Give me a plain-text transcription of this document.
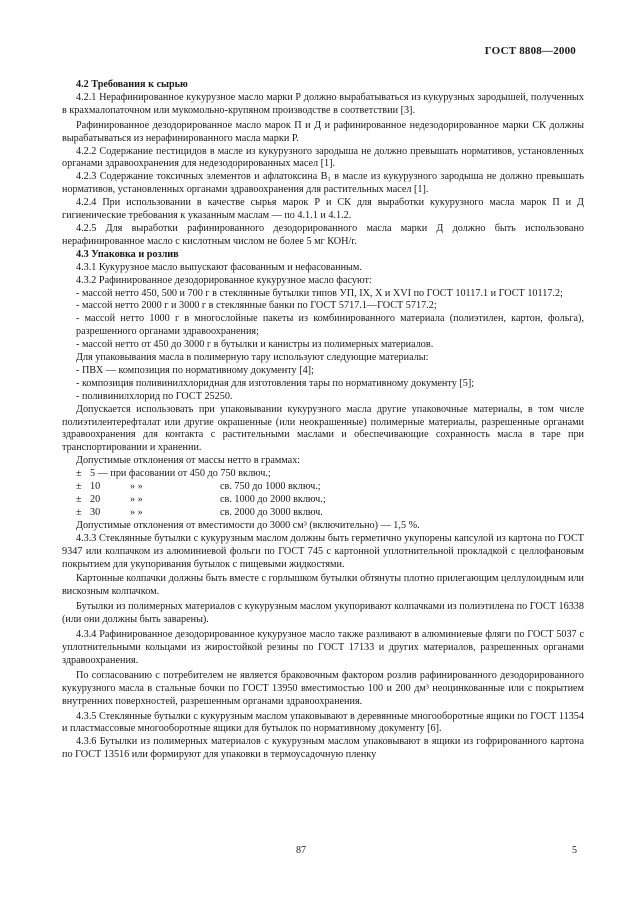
ГОСТ 8808—2000

4.2 Требования к сырью

4.2.1 Нерафинированное кукурузное масло марки Р должно вырабатываться из кукурузных зародышей, полученных в крахмалопаточном или мукомольно-крупяном производстве в соответствии [3].

Рафинированное дезодорированное масло марок П и Д и рафинированное недезодорированное марки СК должны вырабатываться из нерафинированного масла марки Р.

4.2.2 Содержание пестицидов в масле из кукурузного зародыша не должно превышать нормативов, установленных органами здравоохранения для недезодорированных масел [1].

4.2.3 Содержание токсичных элементов и афлатоксина B₁ в масле из кукурузного зародыша не должно превышать нормативов, установленных органами здравоохранения для растительных масел [1].

4.2.4 При использовании в качестве сырья марок Р и СК для выработки кукурузного масла марок П и Д гигиенические требования к указанным маслам — по 4.1.1 и 4.1.2.

4.2.5 Для выработки рафинированного дезодорированного масла марки Д должно быть использовано нерафинированное масло с кислотным числом не более 5 мг КОН/г.

4.3 Упаковка и розлив

4.3.1 Кукурузное масло выпускают фасованным и нефасованным.

4.3.2 Рафинированное дезодорированное кукурузное масло фасуют:

- массой нетто 450, 500 и 700 г в стеклянные бутылки типов УП, IX, X и XVI по ГОСТ 10117.1 и ГОСТ 10117.2;

- массой нетто 2000 г и 3000 г в стеклянные банки по ГОСТ 5717.1—ГОСТ 5717.2;

- массой нетто 1000 г в многослойные пакеты из комбинированного материала (полиэтилен, картон, фольга), разрешенного органами здравоохранения;

- массой нетто от 450 до 3000 г в бутылки и канистры из полимерных материалов.

Для упаковывания масла в полимерную тару используют следующие материалы:

- ПВХ — композиция по нормативному документу [4];

- композиция поливинилхлоридная для изготовления тары по нормативному документу [5];

- поливинилхлорид по ГОСТ 25250.

Допускается использовать при упаковывании кукурузного масла другие упаковочные материалы, в том числе полиэтилентерефталат или другие окрашенные (или неокрашенные) полимерные материалы, разрешенные органами здравоохранения для контакта с растительными маслами и обеспечивающие сохранность масла в таре при транспортировании и хранении.

Допустимые отклонения от массы нетто в граммах:

± 5 — при фасовании от 450 до 750 включ.;
± 10	» »	св. 750 до 1000 включ.;
± 20	» »	св. 1000 до 2000 включ.;
± 30	» »	св. 2000 до 3000 включ.

Допустимые отклонения от вместимости до 3000 см³ (включительно) — 1,5 %.

4.3.3 Стеклянные бутылки с кукурузным маслом должны быть герметично укупорены капсулой из картона по ГОСТ 9347 или колпачком из алюминиевой фольги по ГОСТ 745 с картонной уплотнительной прокладкой с целлофановым покрытием для укупоривания бутылок с пищевыми жидкостями.

Картонные колпачки должны быть вместе с горлышком бутылки обтянуты плотно прилегающим целлулоидным или вискозным колпачком.

Бутылки из полимерных материалов с кукурузным маслом укупоривают колпачками из полиэтилена по ГОСТ 16338 (или они должны быть заварены).

4.3.4 Рафинированное дезодорированное кукурузное масло также разливают в алюминиевые фляги по ГОСТ 5037 с уплотнительными кольцами из жиростойкой резины по ГОСТ 17133 и других материалов, разрешенных органами здравоохранения.

По согласованию с потребителем не является браковочным фактором розлив рафинированного дезодорированного кукурузного масла в стальные бочки по ГОСТ 13950 вместимостью 100 и 200 дм³ неоцинкованные или с покрытием внутренних поверхностей, разрешенным органами здравоохранения.

4.3.5 Стеклянные бутылки с кукурузным маслом упаковывают в деревянные многооборотные ящики по ГОСТ 11354 и пластмассовые многооборотные ящики для бутылок по нормативному документу [6].

4.3.6 Бутылки из полимерных материалов с кукурузным маслом упаковывают в ящики из гофрированного картона по ГОСТ 13516 или формируют для упаковки в термоусадочную пленку

87	5
